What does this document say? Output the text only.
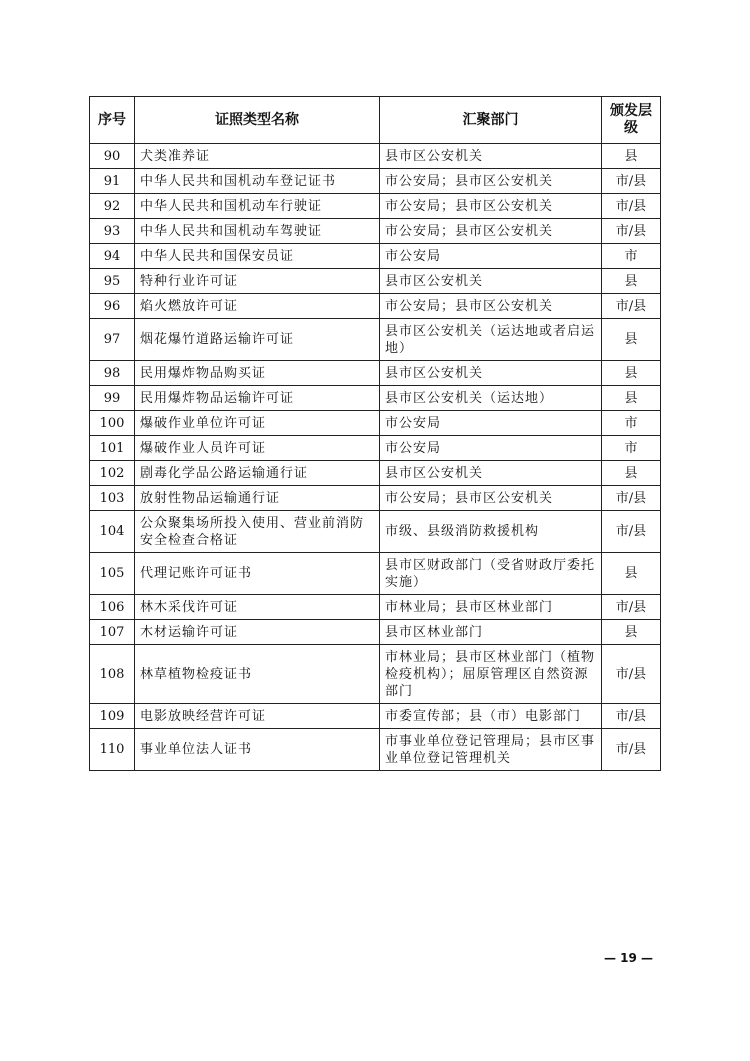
序号	证照类型名称	汇聚部门	颁发层级
90	犬类准养证	县市区公安机关	县
91	中华人民共和国机动车登记证书	市公安局；县市区公安机关	市/县
92	中华人民共和国机动车行驶证	市公安局；县市区公安机关	市/县
93	中华人民共和国机动车驾驶证	市公安局；县市区公安机关	市/县
94	中华人民共和国保安员证	市公安局	市
95	特种行业许可证	县市区公安机关	县
96	焰火燃放许可证	市公安局；县市区公安机关	市/县
97	烟花爆竹道路运输许可证	县市区公安机关（运达地或者启运地）	县
98	民用爆炸物品购买证	县市区公安机关	县
99	民用爆炸物品运输许可证	县市区公安机关（运达地）	县
100	爆破作业单位许可证	市公安局	市
101	爆破作业人员许可证	市公安局	市
102	剧毒化学品公路运输通行证	县市区公安机关	县
103	放射性物品运输通行证	市公安局；县市区公安机关	市/县
104	公众聚集场所投入使用、营业前消防安全检查合格证	市级、县级消防救援机构	市/县
105	代理记账许可证书	县市区财政部门（受省财政厅委托实施）	县
106	林木采伐许可证	市林业局；县市区林业部门	市/县
107	木材运输许可证	县市区林业部门	县
108	林草植物检疫证书	市林业局；县市区林业部门（植物检疫机构）；屈原管理区自然资源部门	市/县
109	电影放映经营许可证	市委宣传部；县（市）电影部门	市/县
110	事业单位法人证书	市事业单位登记管理局；县市区事业单位登记管理机关	市/县
— 19 —
